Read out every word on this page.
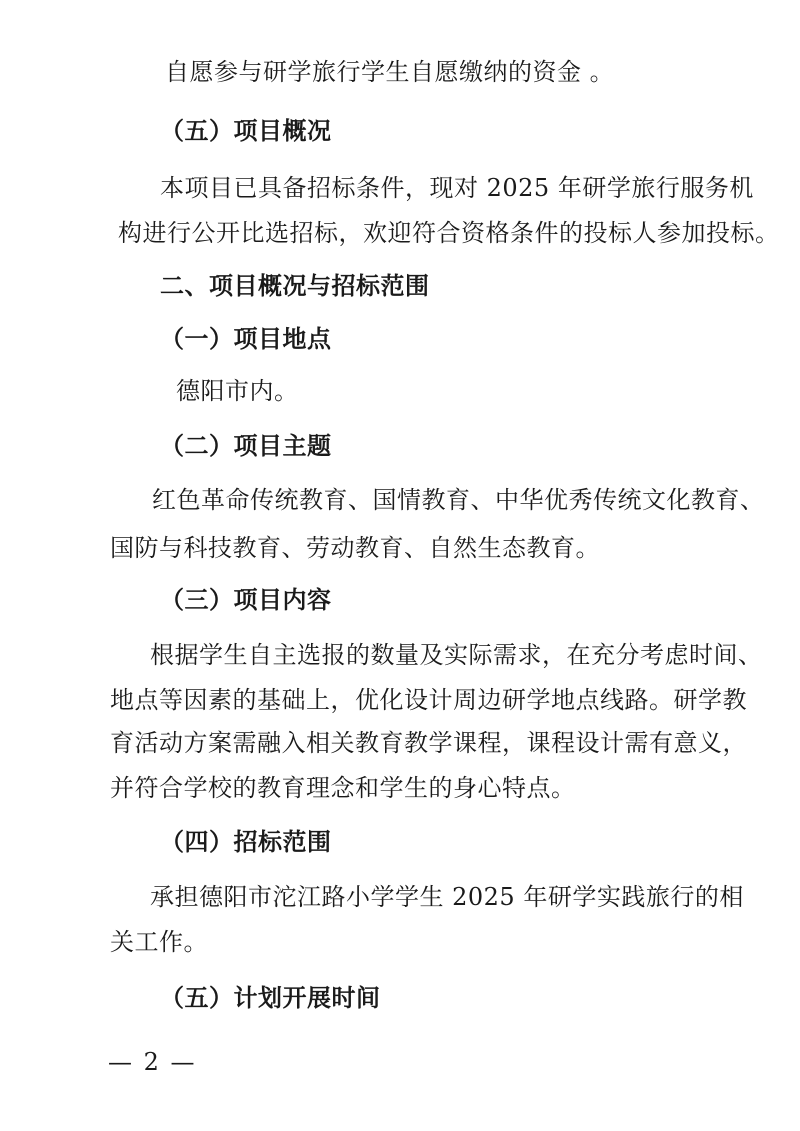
自愿参与研学旅行学生自愿缴纳的资金 。
（五）项目概况
本项目已具备招标条件，现对 2025 年研学旅行服务机
构进行公开比选招标，欢迎符合资格条件的投标人参加投标。
二、项目概况与招标范围
（一）项目地点
德阳市内。
（二）项目主题
红色革命传统教育、国情教育、中华优秀传统文化教育、
国防与科技教育、劳动教育、自然生态教育。
（三）项目内容
根据学生自主选报的数量及实际需求，在充分考虑时间、
地点等因素的基础上，优化设计周边研学地点线路。研学教
育活动方案需融入相关教育教学课程，课程设计需有意义，
并符合学校的教育理念和学生的身心特点。
（四）招标范围
承担德阳市沱江路小学学生 2025 年研学实践旅行的相
关工作。
（五）计划开展时间
— 2 —
